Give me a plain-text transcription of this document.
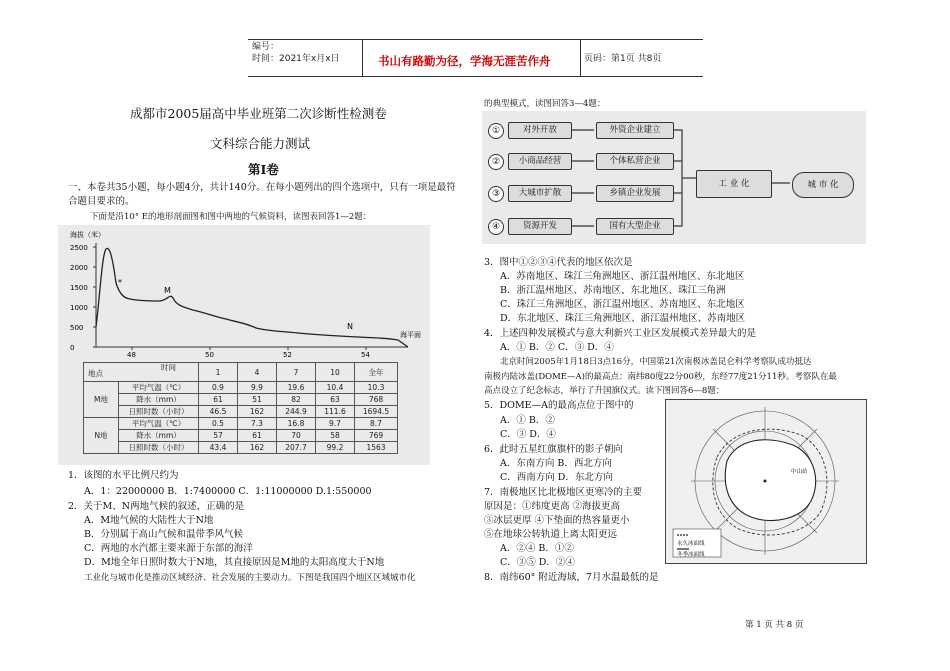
编号：
时间：2021年x月x日	书山有路勤为径，学海无涯苦作舟	页码：第1页 共8页
成都市2005届高中毕业班第二次诊断性检测卷
文科综合能力测试
第Ⅰ卷
一、本卷共35小题，每小题4分，共计140分。在每小题列出的四个选项中，只有一项是最符
合题目要求的。
下面是沿10° E的地形剖面图和图中两地的气候资料，读图表回答1—2题：
海拔（米）
2500
2000
1500
1000
500
0
48	50	52	54
M
N
*
海平面
时间
地点		1	4	7	10	全年
M地	平均气温（℃）	0.9	9.9	19.6	10.4	10.3
	降水（mm）	61	51	82	63	768
	日照时数（小时）	46.5	162	244.9	111.6	1694.5
N地	平均气温（℃）	0.5	7.3	16.8	9.7	8.7
	降水（mm）	57	61	70	58	769
	日照时数（小时）	43.4	162	207.7	99.2	1563
1．该图的水平比例尺约为
A．1：22000000 B．1:7400000 C．1:11000000 D.1:550000
2．关于M、N两地气候的叙述，正确的是
A．M地气候的大陆性大于N地
B．分别属于高山气候和温带季风气候
C．两地的水汽都主要来源于东部的海洋
D．M地全年日照时数大于N地，其直接原因是M地的太阳高度大于N地
工业化与城市化是推动区域经济、社会发展的主要动力。下图是我国四个地区区域城市化
的典型模式，读图回答3—4题：
①	对外开放	外资企业建立
②	小商品经营	个体私营企业
③	大城市扩散	乡镇企业发展
④	资源开发	国有大型企业
工 业 化	城 市 化
3．图中①②③④代表的地区依次是
A．苏南地区、珠江三角洲地区、浙江温州地区、东北地区
B．浙江温州地区、苏南地区、东北地区、珠江三角洲
C．珠江三角洲地区、浙江温州地区、苏南地区、东北地区
D．东北地区、珠江三角洲地区、浙江温州地区、苏南地区
4．上述四种发展模式与意大利新兴工业区发展模式差异最大的是
A．① B．② C．③ D．④
北京时间2005年1月18日3点16分，中国第21次南极冰盖昆仑科学考察队成功抵达
南极内陆冰盖(DOME—A)的最高点：南纬80度22分00秒，东经77度21分11秒。考察队在最
高点设立了纪念标志，举行了升国旗仪式。读下图回答6—8题：
5．DOME—A的最高点位于图中的
A．① B．②
C．③ D．④
6．此时五星红旗旗杆的影子朝向
A．东南方向 B．西北方向
C．西南方向 D．东北方向
7．南极地区比北极地区更寒冷的主要
原因是：①纬度更高 ②海拔更高
③冰层更厚 ④下垫面的热容量更小
⑤在地球公转轨道上离太阳更远
A．②④ B．①②
C．③⑤ D．②④
8．南纬60° 附近海域，7月水温最低的是
永久冰面线
冬季冰面线
中山站
第 1 页 共 8 页
